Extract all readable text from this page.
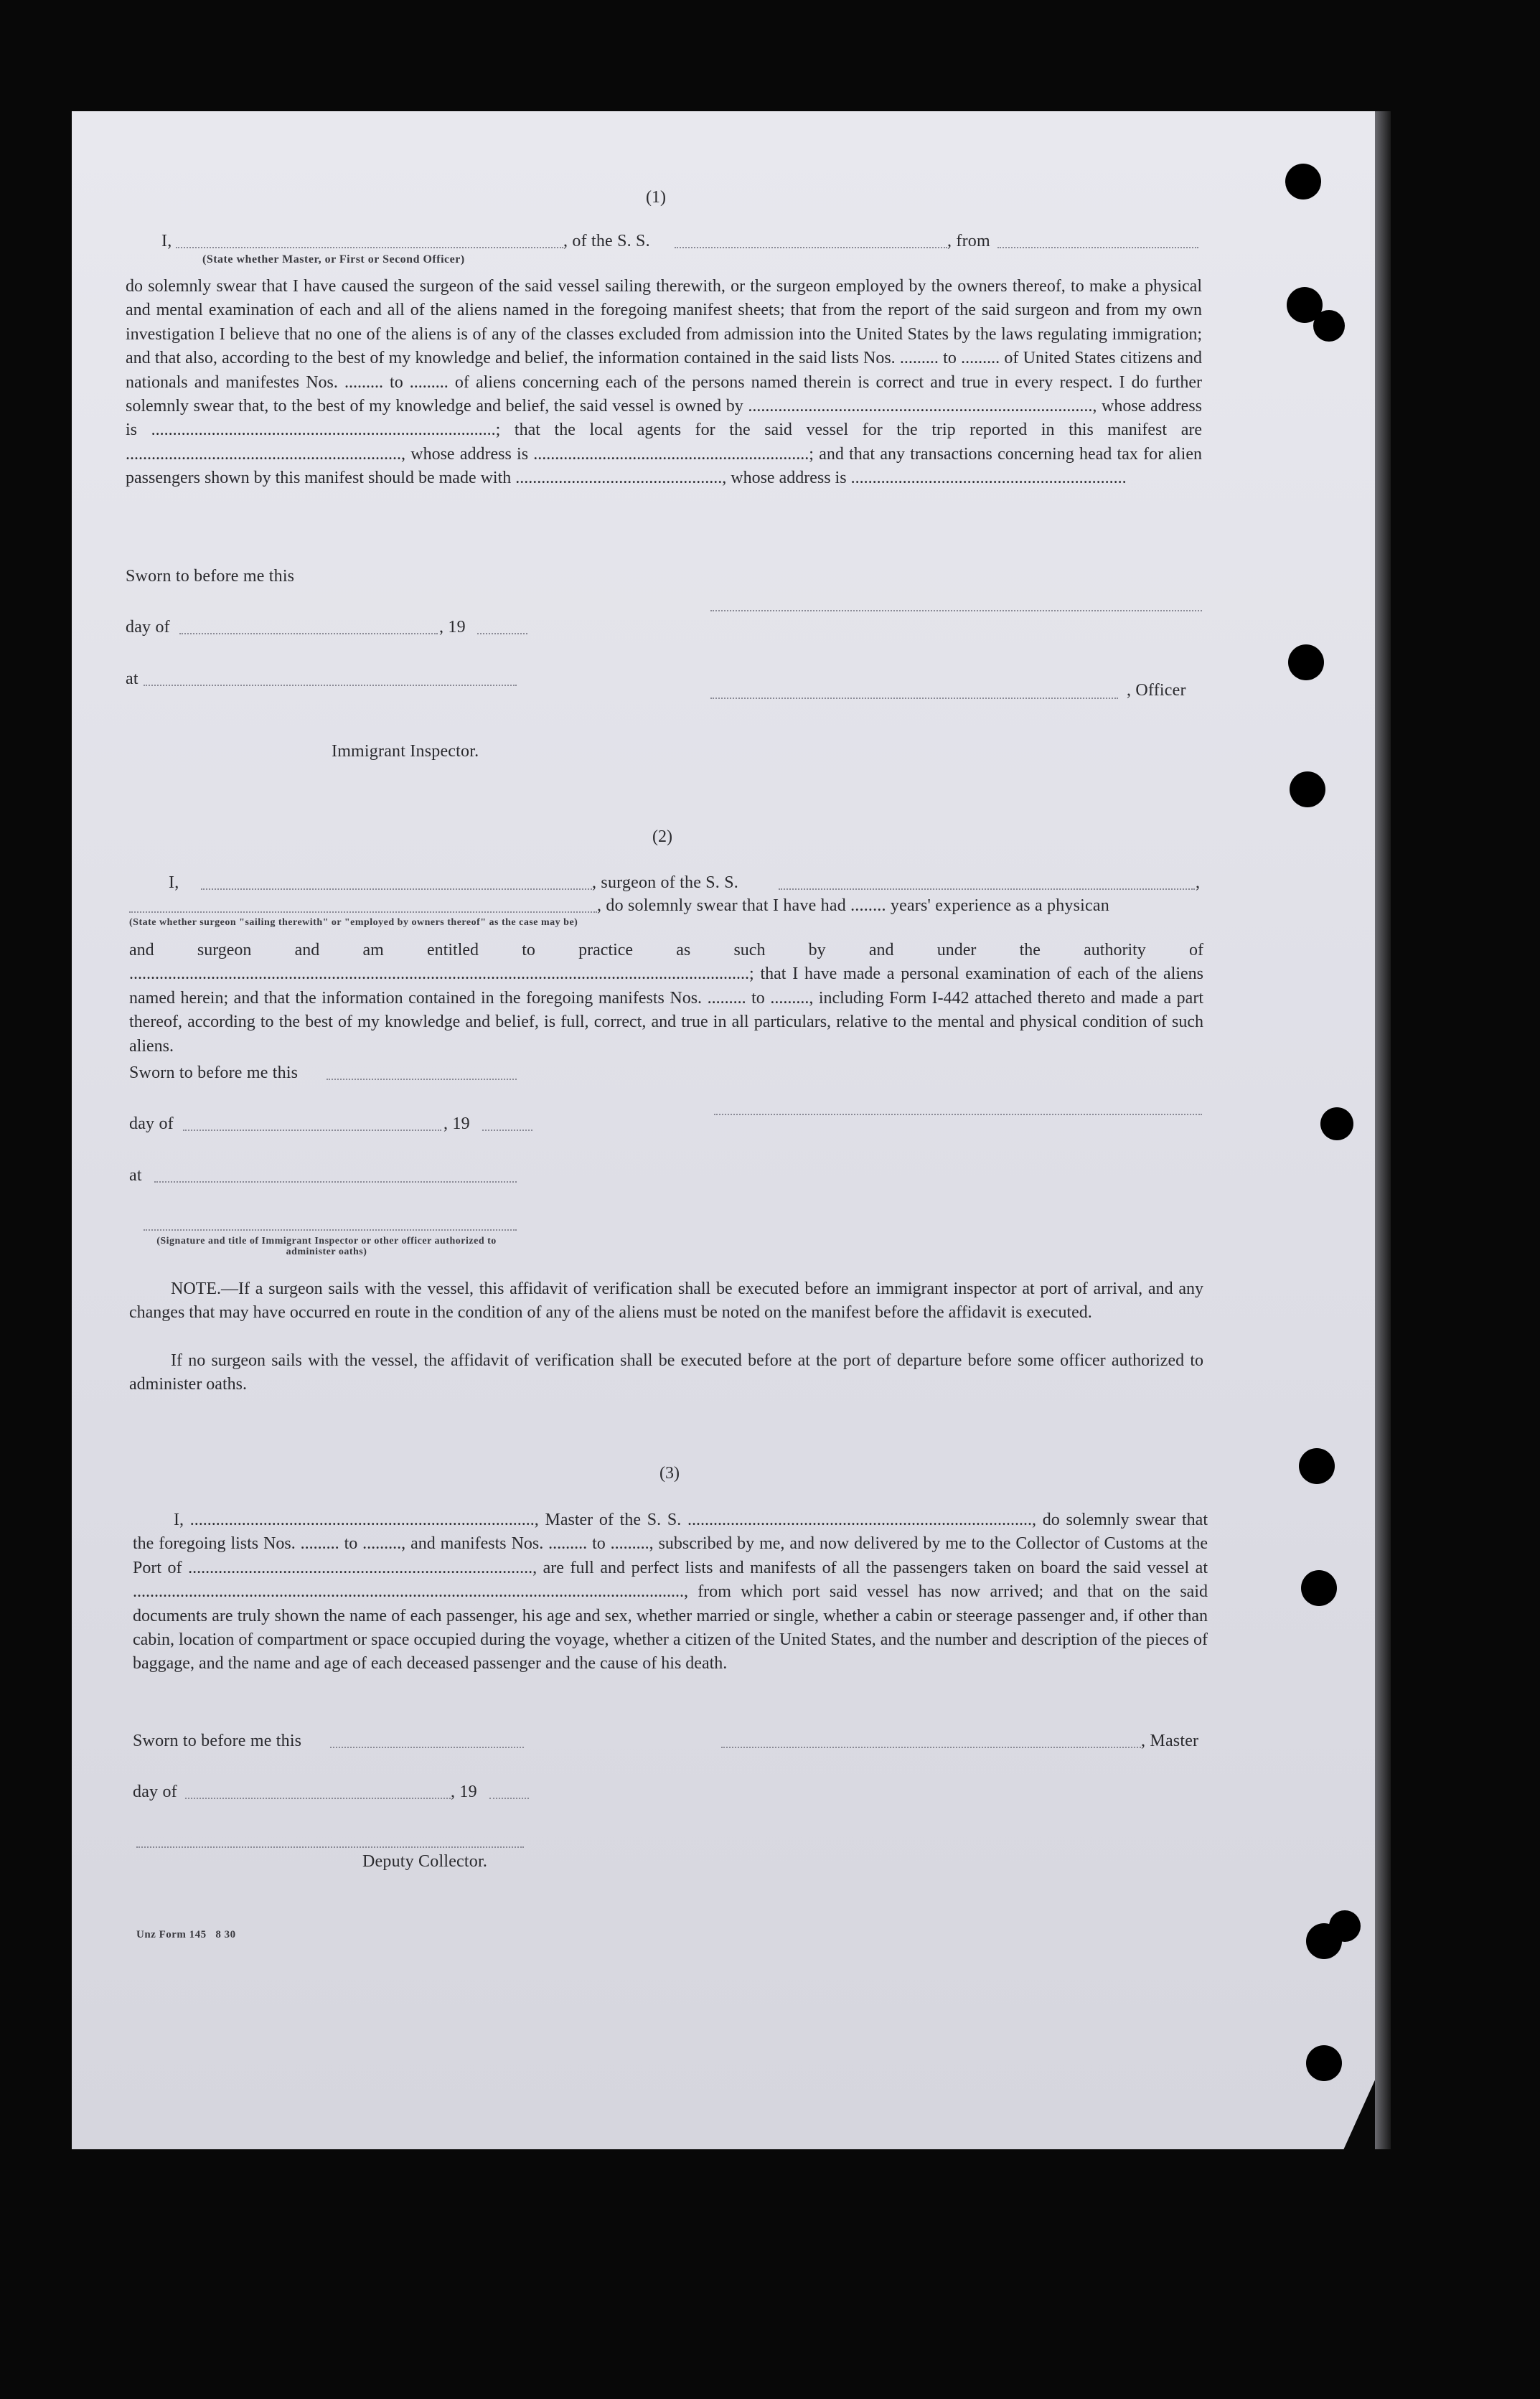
(1)
I,	, of the S. S.	, from
(State whether Master, or First or Second Officer)
do solemnly swear that I have caused the surgeon of the said vessel sailing therewith, or the surgeon employed by the owners thereof, to make a physical and mental examination of each and all of the aliens named in the foregoing manifest sheets; that from the report of the said surgeon and from my own investigation I believe that no one of the aliens is of any of the classes excluded from admission into the United States by the laws regulating immigration; and that also, according to the best of my knowledge and belief, the information contained in the said lists Nos. ......... to ......... of United States citizens and nationals and manifestes Nos. ......... to ......... of aliens concerning each of the persons named therein is correct and true in every respect. I do further solemnly swear that, to the best of my knowledge and belief, the said vessel is owned by ................................................................................, whose address is ................................................................................; that the local agents for the said vessel for the trip reported in this manifest are ................................................................, whose address is ................................................................; and that any transactions concerning head tax for alien passengers shown by this manifest should be made with ................................................, whose address is ................................................................
Sworn to before me this
day of	, 19
at
, Officer
Immigrant Inspector.
(2)
I,	, surgeon of the S. S.	,
, do solemnly swear that I have had ........ years' experience as a physican
(State whether surgeon "sailing therewith" or "employed by owners thereof" as the case may be)
and surgeon and am entitled to practice as such by and under the authority of ................................................................................................................................................; that I have made a personal examination of each of the aliens named herein; and that the information contained in the foregoing manifests Nos. ......... to ........., including Form I-442 attached thereto and made a part thereof, according to the best of my knowledge and belief, is full, correct, and true in all particulars, relative to the mental and physical condition of such aliens.
Sworn to before me this
day of	, 19
at
(Signature and title of Immigrant Inspector or other officer authorized to administer oaths)
NOTE.—If a surgeon sails with the vessel, this affidavit of verification shall be executed before an immigrant inspector at port of arrival, and any changes that may have occurred en route in the condition of any of the aliens must be noted on the manifest before the affidavit is executed.
If no surgeon sails with the vessel, the affidavit of verification shall be executed before at the port of departure before some officer authorized to administer oaths.
(3)
I, ................................................................................, Master of the S. S. ................................................................................, do solemnly swear that the foregoing lists Nos. ......... to ........., and manifests Nos. ......... to ........., subscribed by me, and now delivered by me to the Collector of Customs at the Port of ................................................................................, are full and perfect lists and manifests of all the passengers taken on board the said vessel at ................................................................................................................................, from which port said vessel has now arrived; and that on the said documents are truly shown the name of each passenger, his age and sex, whether married or single, whether a cabin or steerage passenger and, if other than cabin, location of compartment or space occupied during the voyage, whether a citizen of the United States, and the number and description of the pieces of baggage, and the name and age of each deceased passenger and the cause of his death.
Sworn to before me this	, Master
day of	, 19
Deputy Collector.
Unz Form 145   8 30
